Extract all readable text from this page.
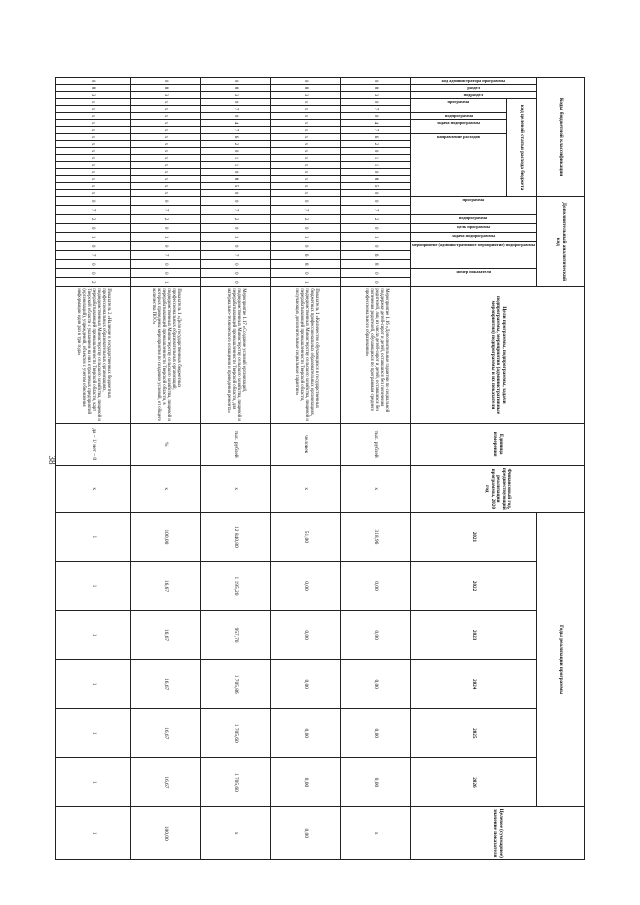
38
Коды бюджетной классификации																	Дополнительный аналитический код										Цели программы, подпрограммы, задачи подпрограммы, мероприятия (административные мероприятия) подпрограммы и их показатели	Единица измерения	Финансовый год, предшествующий реализации программы, 2020 год	Годы реализации программы						Целевое (суммарное) значение показателя

код администратора программы	раздел	подраздел	код целевой статьи расхода бюджета														программа		подпрограмма	цель программы	задача подпрограммы	мероприятие (административное мероприятие) подпрограммы			номер показателя					2021	2022	2023	2024	2025	2026	

			программа		подпрограмма	задача подпрограммы		направление расходов																												

0	8	3	0	7	0	4	7	6	2	0	1	1	0	8	5	0	0	7	2	0	1	0	6	8	0	0	Мероприятие 1.16 «Дополнительные гарантии по социальной поддержке детей-сирот и детей, оставшихся без попечения родителей, лиц из числа детей-сирот и детей, оставшихся без попечения родителей, обучающихся по программам среднего профессионального образования»	тыс. рублей	x	318,96	0,00	0,00	0,00	0,00	0,00	x
0	8	3	x	x	x	x	x	x	x	x	x	x	x	x	x	x	0	7	2	0	1	0	6	8	0	1	Показатель 1 «Количество обучающихся в государственных бюджетных профессиональных образовательных организациях, подведомственных Министерству сельского хозяйства, пищевой и перерабатывающей промышленности Тверской области, получающих дополнительные социальные гарантии»	человек	x	51,00	0,00	0,00	0,00	0,00	0,00	0,00
0	8	3	0	7	0	4	7	6	2	0	1	1	0	8	5	0	0	7	2	0	1	0	7	0	0	0	Мероприятие 1.17 «Создание условий организаций, подведомственных Министерству сельского хозяйства, пищевой и перерабатывающей промышленности Тверской области, для материально-технического оснащения и проведения ремонта»	тыс. рублей	x	12 840,80	1 195,20	957,70	1 705,86	1 705,60	1 705,60	x
0	8	3	x	x	x	x	x	x	x	x	x	x	x	x	x	x	0	7	2	0	1	0	7	0	0	1	Показатель 1 «Доля государственных бюджетных профессиональных образовательных организаций, подведомственных Министерству сельского хозяйства, пищевой и перерабатывающей промышленности Тверской области, в которых проведены мероприятия по созданию условий, от общего количества ПОО»	%	x	100,00	16,67	16,67	16,67	16,67	16,67	100,00
0	8	3	x	x	x	x	x	x	x	x	x	x	x	x	x	x	0	7	2	0	1	0	7	0	0	2	Показатель 2 «Наличие в государственных бюджетных профессиональных образовательных организациях, подведомственных Министерству сельского хозяйства, пищевой и перерабатывающей промышленности Тверской области, карт Тверской области с указанием на них отраслевых предприятий (организаций), учреждений, объектов с учетом обновления информации один раз в три года»	да – 1/ нет – 0	x	1	1	1	1	1	1	1
